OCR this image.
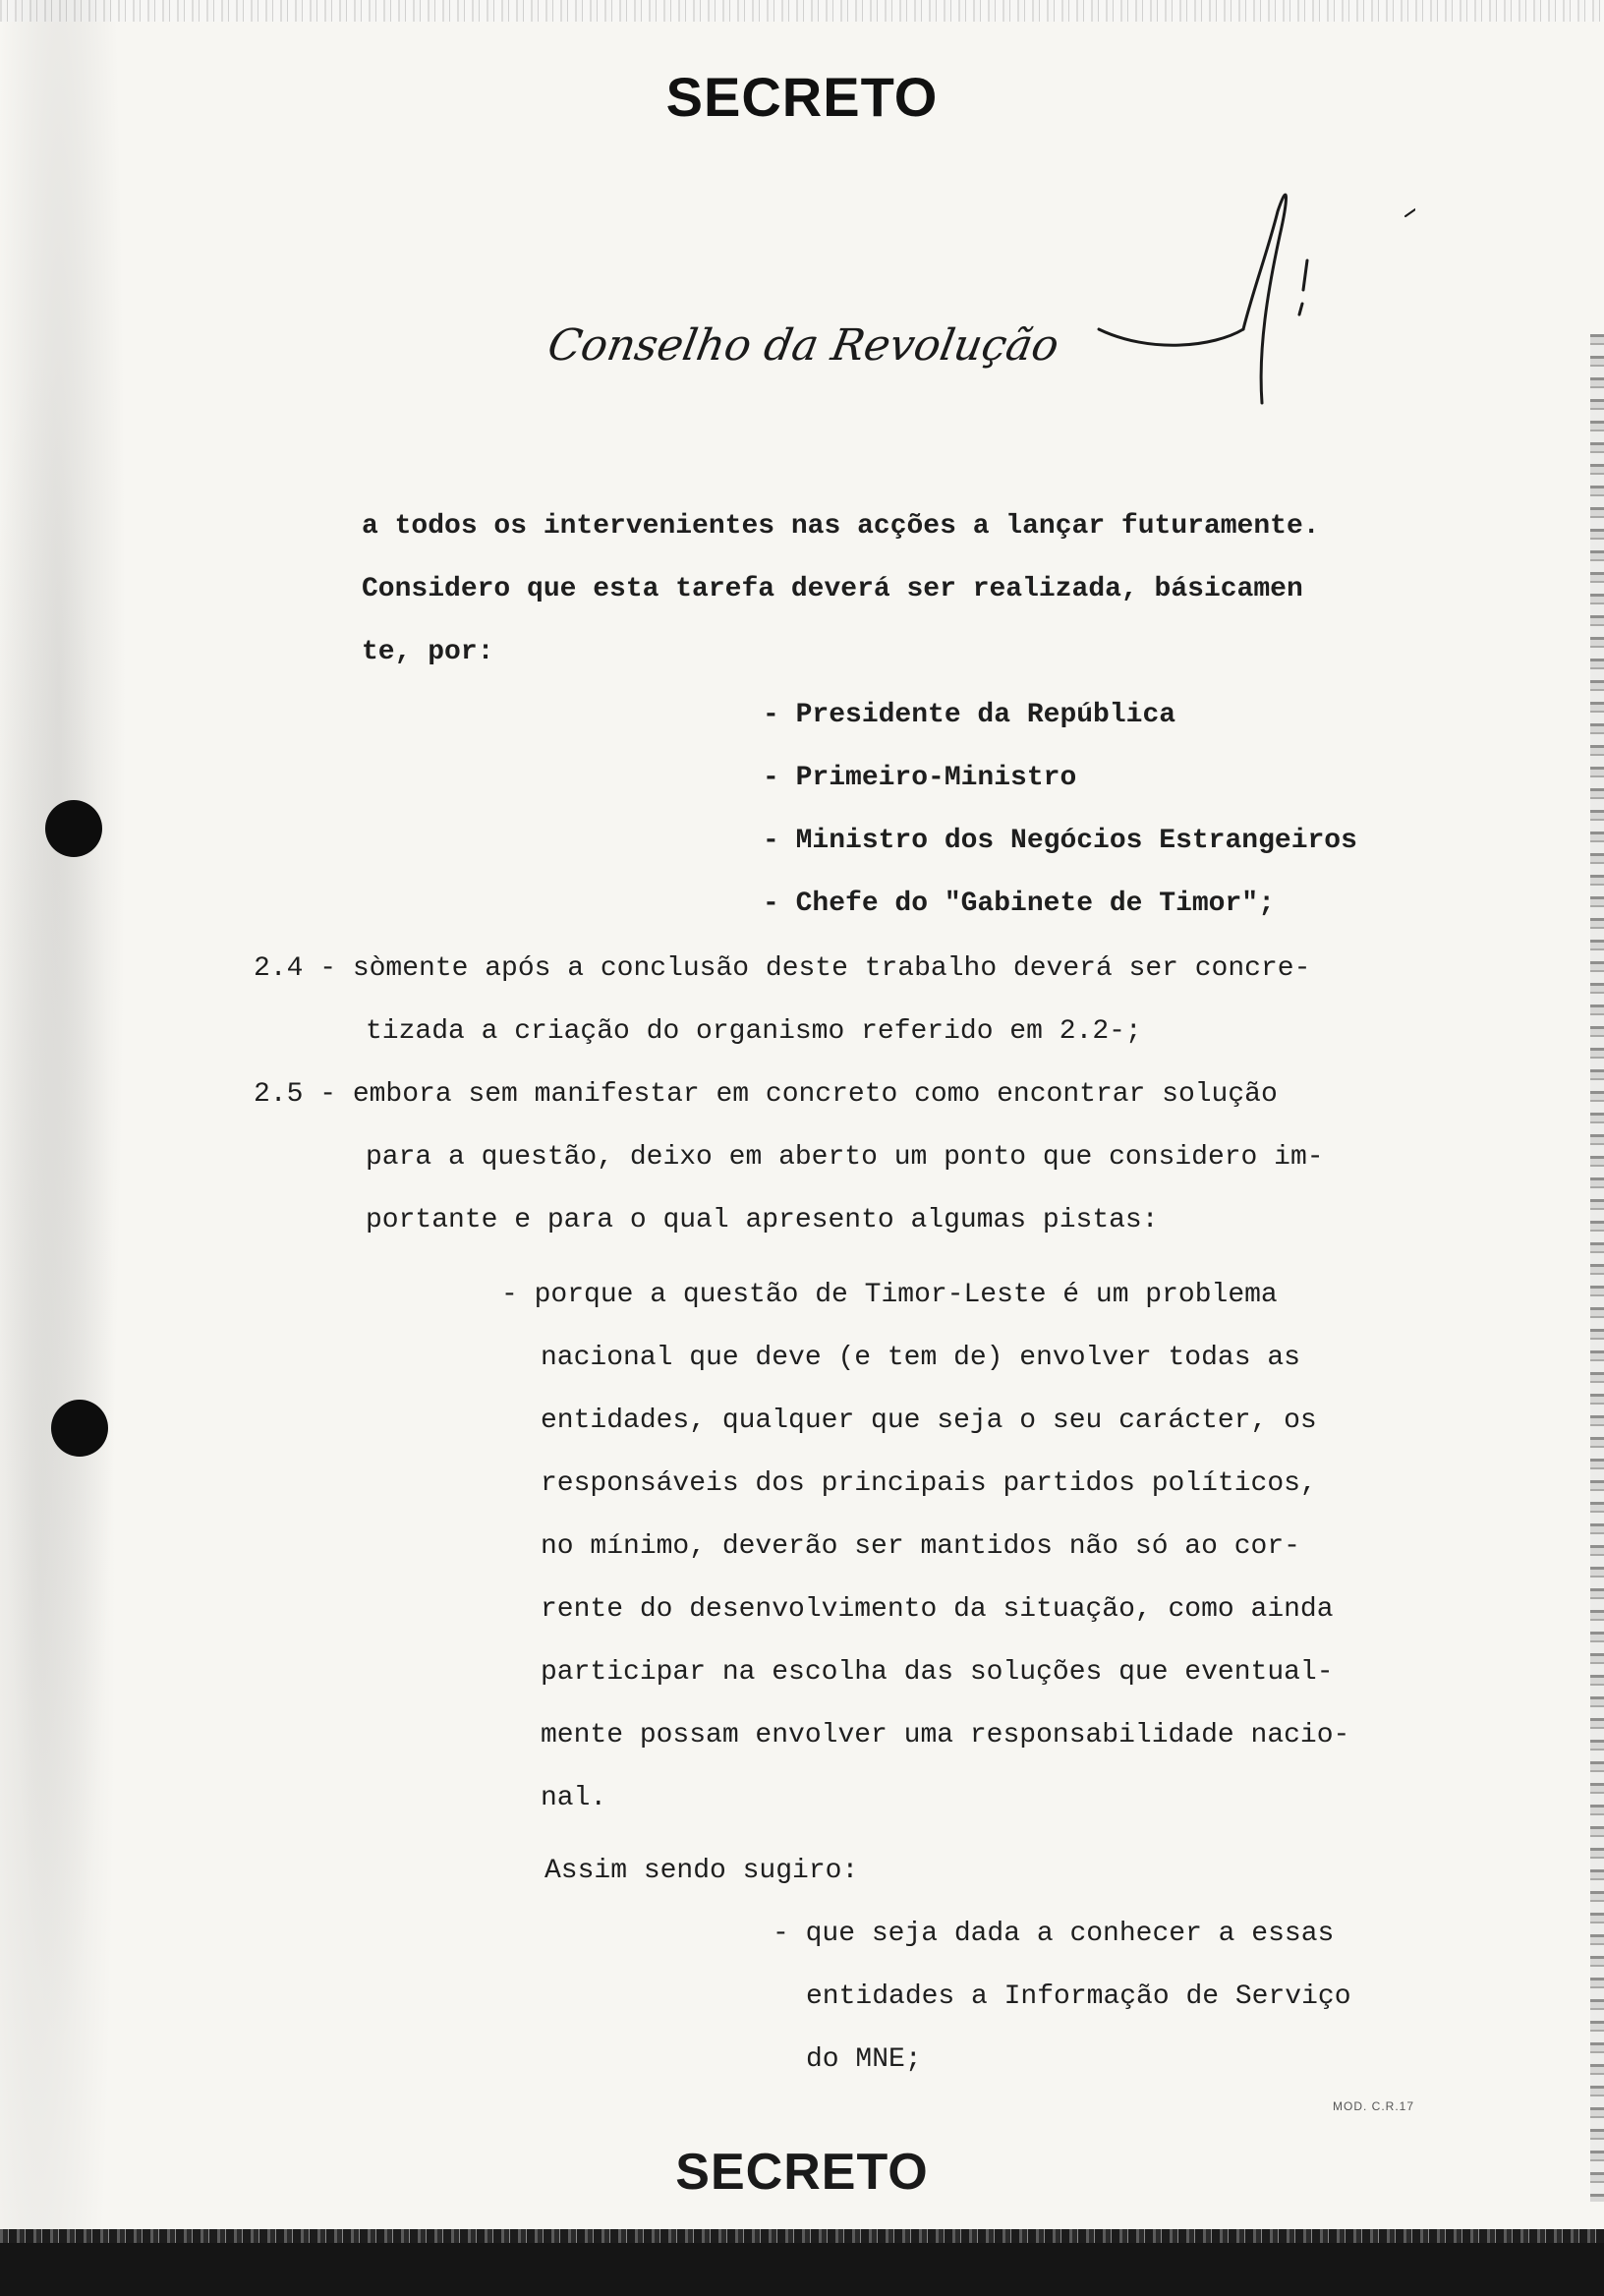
SECRETO
Conselho da Revolução
a todos os intervenientes nas acções a lançar futuramente.
Considero que esta tarefa deverá ser realizada, básicamen
te, por:
- Presidente da República
- Primeiro-Ministro
- Ministro dos Negócios Estrangeiros
- Chefe do "Gabinete de Timor";
2.4 - sòmente após a conclusão deste trabalho deverá ser concre-
tizada a criação do organismo referido em 2.2-;
2.5 - embora sem manifestar em concreto como encontrar solução
para a questão, deixo em aberto um ponto que considero im-
portante e para o qual apresento algumas pistas:
- porque a questão de Timor-Leste é um problema
nacional que deve (e tem de) envolver todas as
entidades, qualquer que seja o seu carácter, os
responsáveis dos principais partidos políticos,
no mínimo, deverão ser mantidos não só ao cor-
rente do desenvolvimento da situação, como ainda
participar na escolha das soluções que eventual-
mente possam envolver uma responsabilidade nacio-
nal.
Assim sendo sugiro:
- que seja dada a conhecer a essas
entidades a Informação de Serviço
do MNE;
MOD. C.R.17
SECRETO
